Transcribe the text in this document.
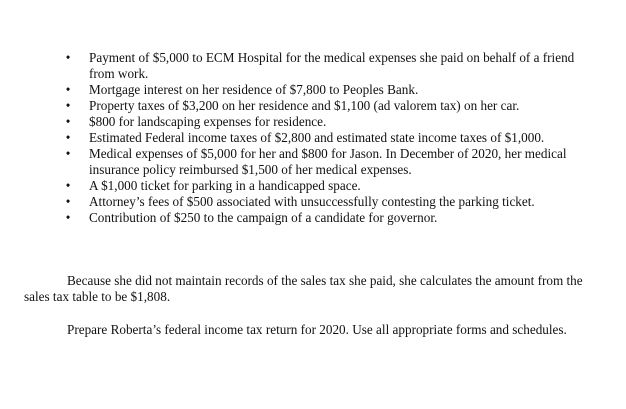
• Payment of $5,000 to ECM Hospital for the medical expenses she paid on behalf of a friend from work.
• Mortgage interest on her residence of $7,800 to Peoples Bank.
• Property taxes of $3,200 on her residence and $1,100 (ad valorem tax) on her car.
• $800 for landscaping expenses for residence.
• Estimated Federal income taxes of $2,800 and estimated state income taxes of $1,000.
• Medical expenses of $5,000 for her and $800 for Jason. In December of 2020, her medical insurance policy reimbursed $1,500 of her medical expenses.
• A $1,000 ticket for parking in a handicapped space.
• Attorney’s fees of $500 associated with unsuccessfully contesting the parking ticket.
• Contribution of $250 to the campaign of a candidate for governor.

Because she did not maintain records of the sales tax she paid, she calculates the amount from the sales tax table to be $1,808.

Prepare Roberta’s federal income tax return for 2020. Use all appropriate forms and schedules.
